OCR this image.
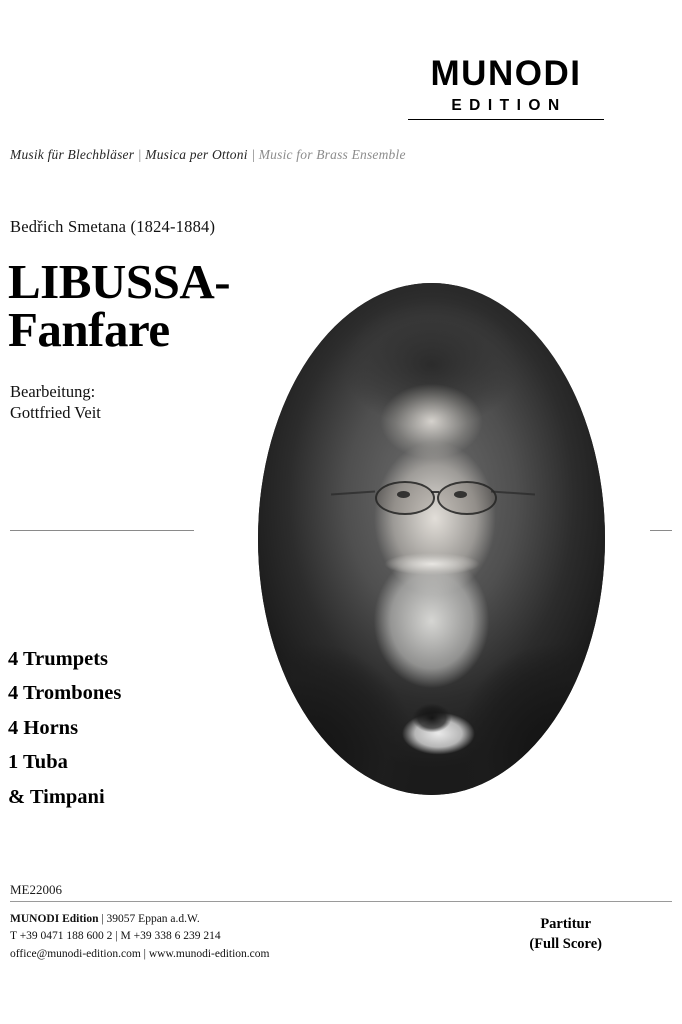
MUNODI
EDITION
Musik für Blechbläser | Musica per Ottoni | Music for Brass Ensemble
Bedřich Smetana (1824-1884)
LIBUSSA-
Fanfare
Bearbeitung:
Gottfried Veit
4 Trumpets
4 Trombones
4 Horns
1 Tuba
& Timpani
ME22006
MUNODI Edition | 39057 Eppan a.d.W.
T +39 0471 188 600 2 | M +39 338 6 239 214
office@munodi-edition.com | www.munodi-edition.com
Partitur
(Full Score)
